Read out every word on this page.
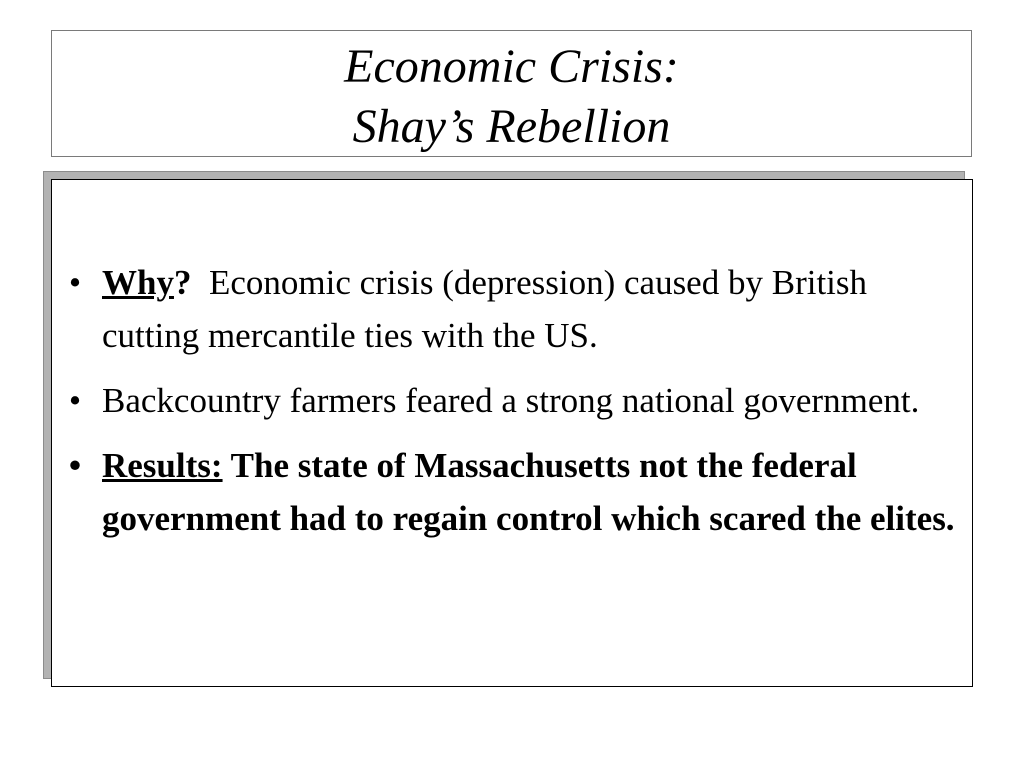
Economic Crisis:
Shay’s Rebellion
• Why?  Economic crisis (depression) caused by British cutting mercantile ties with the US.
• Backcountry farmers feared a strong national government.
• Results: The state of Massachusetts not the federal government had to regain control which scared the elites.
